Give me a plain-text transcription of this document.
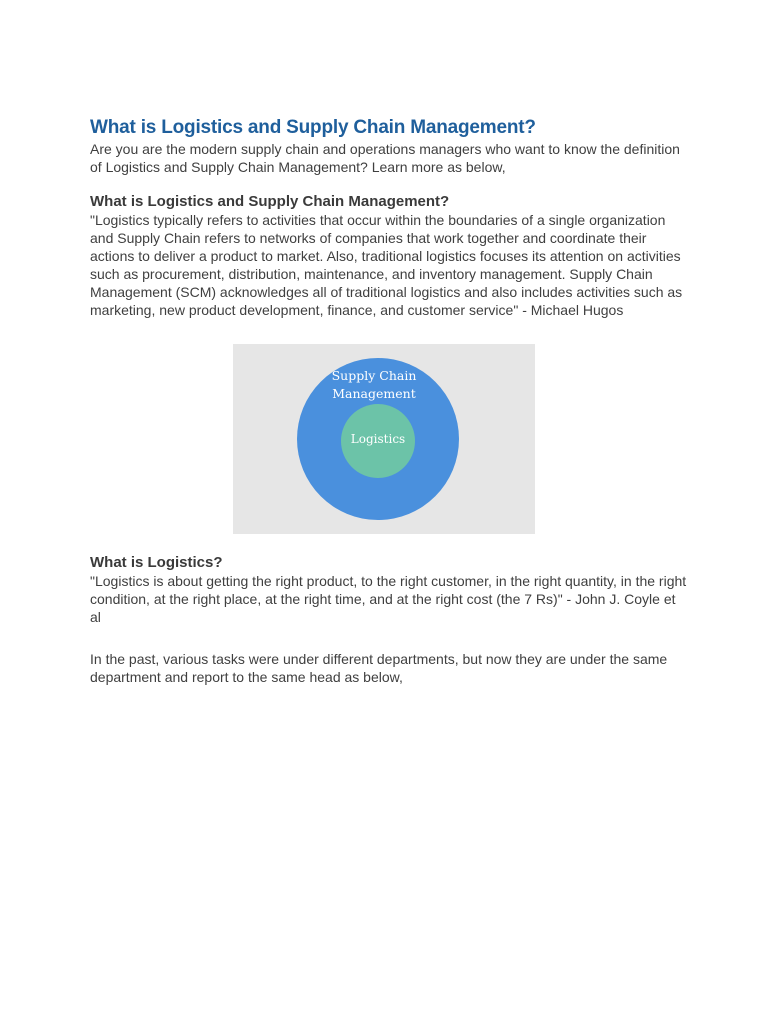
What is Logistics and Supply Chain Management?

Are you are the modern supply chain and operations managers who want to know the definition of Logistics and Supply Chain Management? Learn more as below,

What is Logistics and Supply Chain Management?

"Logistics typically refers to activities that occur within the boundaries of a single organization and Supply Chain refers to networks of companies that work together and coordinate their actions to deliver a product to market. Also, traditional logistics focuses its attention on activities such as procurement, distribution, maintenance, and inventory management. Supply Chain Management (SCM) acknowledges all of traditional logistics and also includes activities such as marketing, new product development, finance, and customer service" - Michael Hugos

Supply Chain
Management
Logistics
What is Logistics?

"Logistics is about getting the right product, to the right customer, in the right quantity, in the right condition, at the right place, at the right time, and at the right cost (the 7 Rs)" - John J. Coyle et al

In the past, various tasks were under different departments, but now they are under the same department and report to the same head as below,
